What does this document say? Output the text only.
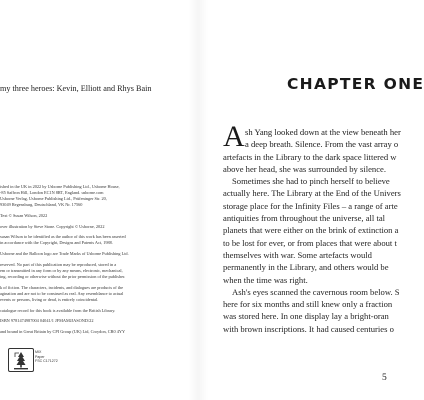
my three heroes: Kevin, Elliott and Rhys Bain

ished in the UK in 2022 by Usborne Publishing Ltd., Usborne House,

-85 Saffron Hill, London EC1N 8RT, England. usborne.com

Usborne Verlag, Usborne Publishing Ltd., Prüfeninger Str. 20,

93049 Regensburg, Deutschland, VK Nr. 17560

Text © Susan Wilson, 2022

over illustration by Steve Stone. Copyright © Usborne, 2022

susan Wilson to be identified as the author of this work has been asserted

in accordance with the Copyright, Designs and Patents Act, 1988.

Usborne and the Balloon logo are Trade Marks of Usborne Publishing Ltd.

reserved. No part of this publication may be reproduced, stored in a

em or transmitted in any form or by any means, electronic, mechanical,

ing, recording or otherwise without the prior permission of the publisher.

k of fiction. The characters, incidents, and dialogues are products of the

agination and are not to be construed as real. Any resemblance to actual

events or persons, living or dead, is entirely coincidental.

catalogue record for this book is available from the British Library.

ISBN 9781474987004 04041/1 JFMAMJJASOND/22

and bound in Great Britain by CPI Group (UK) Ltd, Croydon, CR0 4YY

MIX
Paper
FSC C171272
CHAPTER ONE
A sh Yang looked down at the view beneath her

a deep breath. Silence. From the vast array o

artefacts in the Library to the dark space littered w

above her head, she was surrounded by silence.

Sometimes she had to pinch herself to believe

actually here. The Library at the End of the Univers

storage place for the Infinity Files – a range of arte

antiquities from throughout the universe, all tal

planets that were either on the brink of extinction a

to be lost for ever, or from places that were about t

themselves with war. Some artefacts would

permanently in the Library, and others would be

when the time was right.

Ash's eyes scanned the cavernous room below. S

here for six months and still knew only a fraction

was stored here. In one display lay a bright-oran

with brown inscriptions. It had caused centuries o

5
